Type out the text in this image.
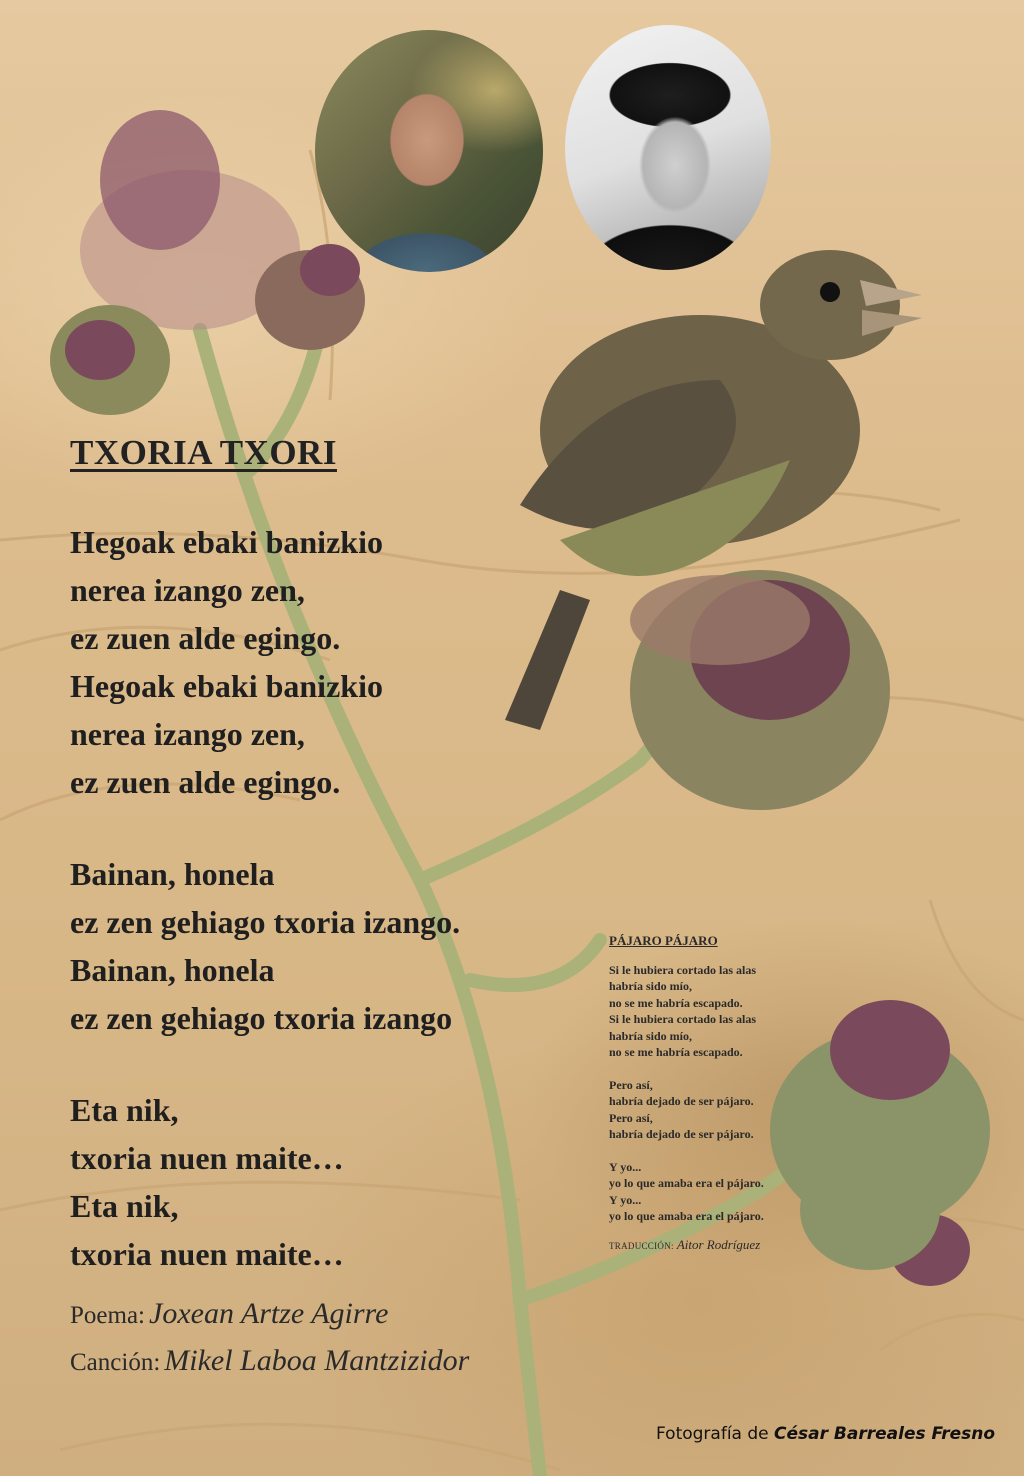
TXORIA TXORI
Hegoak ebaki banizkio
nerea izango zen,
ez zuen alde egingo.
Hegoak ebaki banizkio
nerea izango zen,
ez zuen alde egingo.
Bainan, honela
ez zen gehiago txoria izango.
Bainan, honela
ez zen gehiago txoria izango
Eta nik,
txoria nuen maite…
Eta nik,
txoria nuen maite…
Poema: Joxean Artze Agirre
Canción: Mikel Laboa Mantzizidor
PÁJARO PÁJARO
Si le hubiera cortado las alas
habría sido mío,
no se me habría escapado.
Si le hubiera cortado las alas
habría sido mío,
no se me habría escapado.
Pero así,
habría dejado de ser pájaro.
Pero así,
habría dejado de ser pájaro.
Y yo...
yo lo que amaba era el pájaro.
Y yo...
yo lo que amaba era el pájaro.
TRADUCCIÓN: Aitor Rodríguez
Fotografía de César Barreales Fresno
